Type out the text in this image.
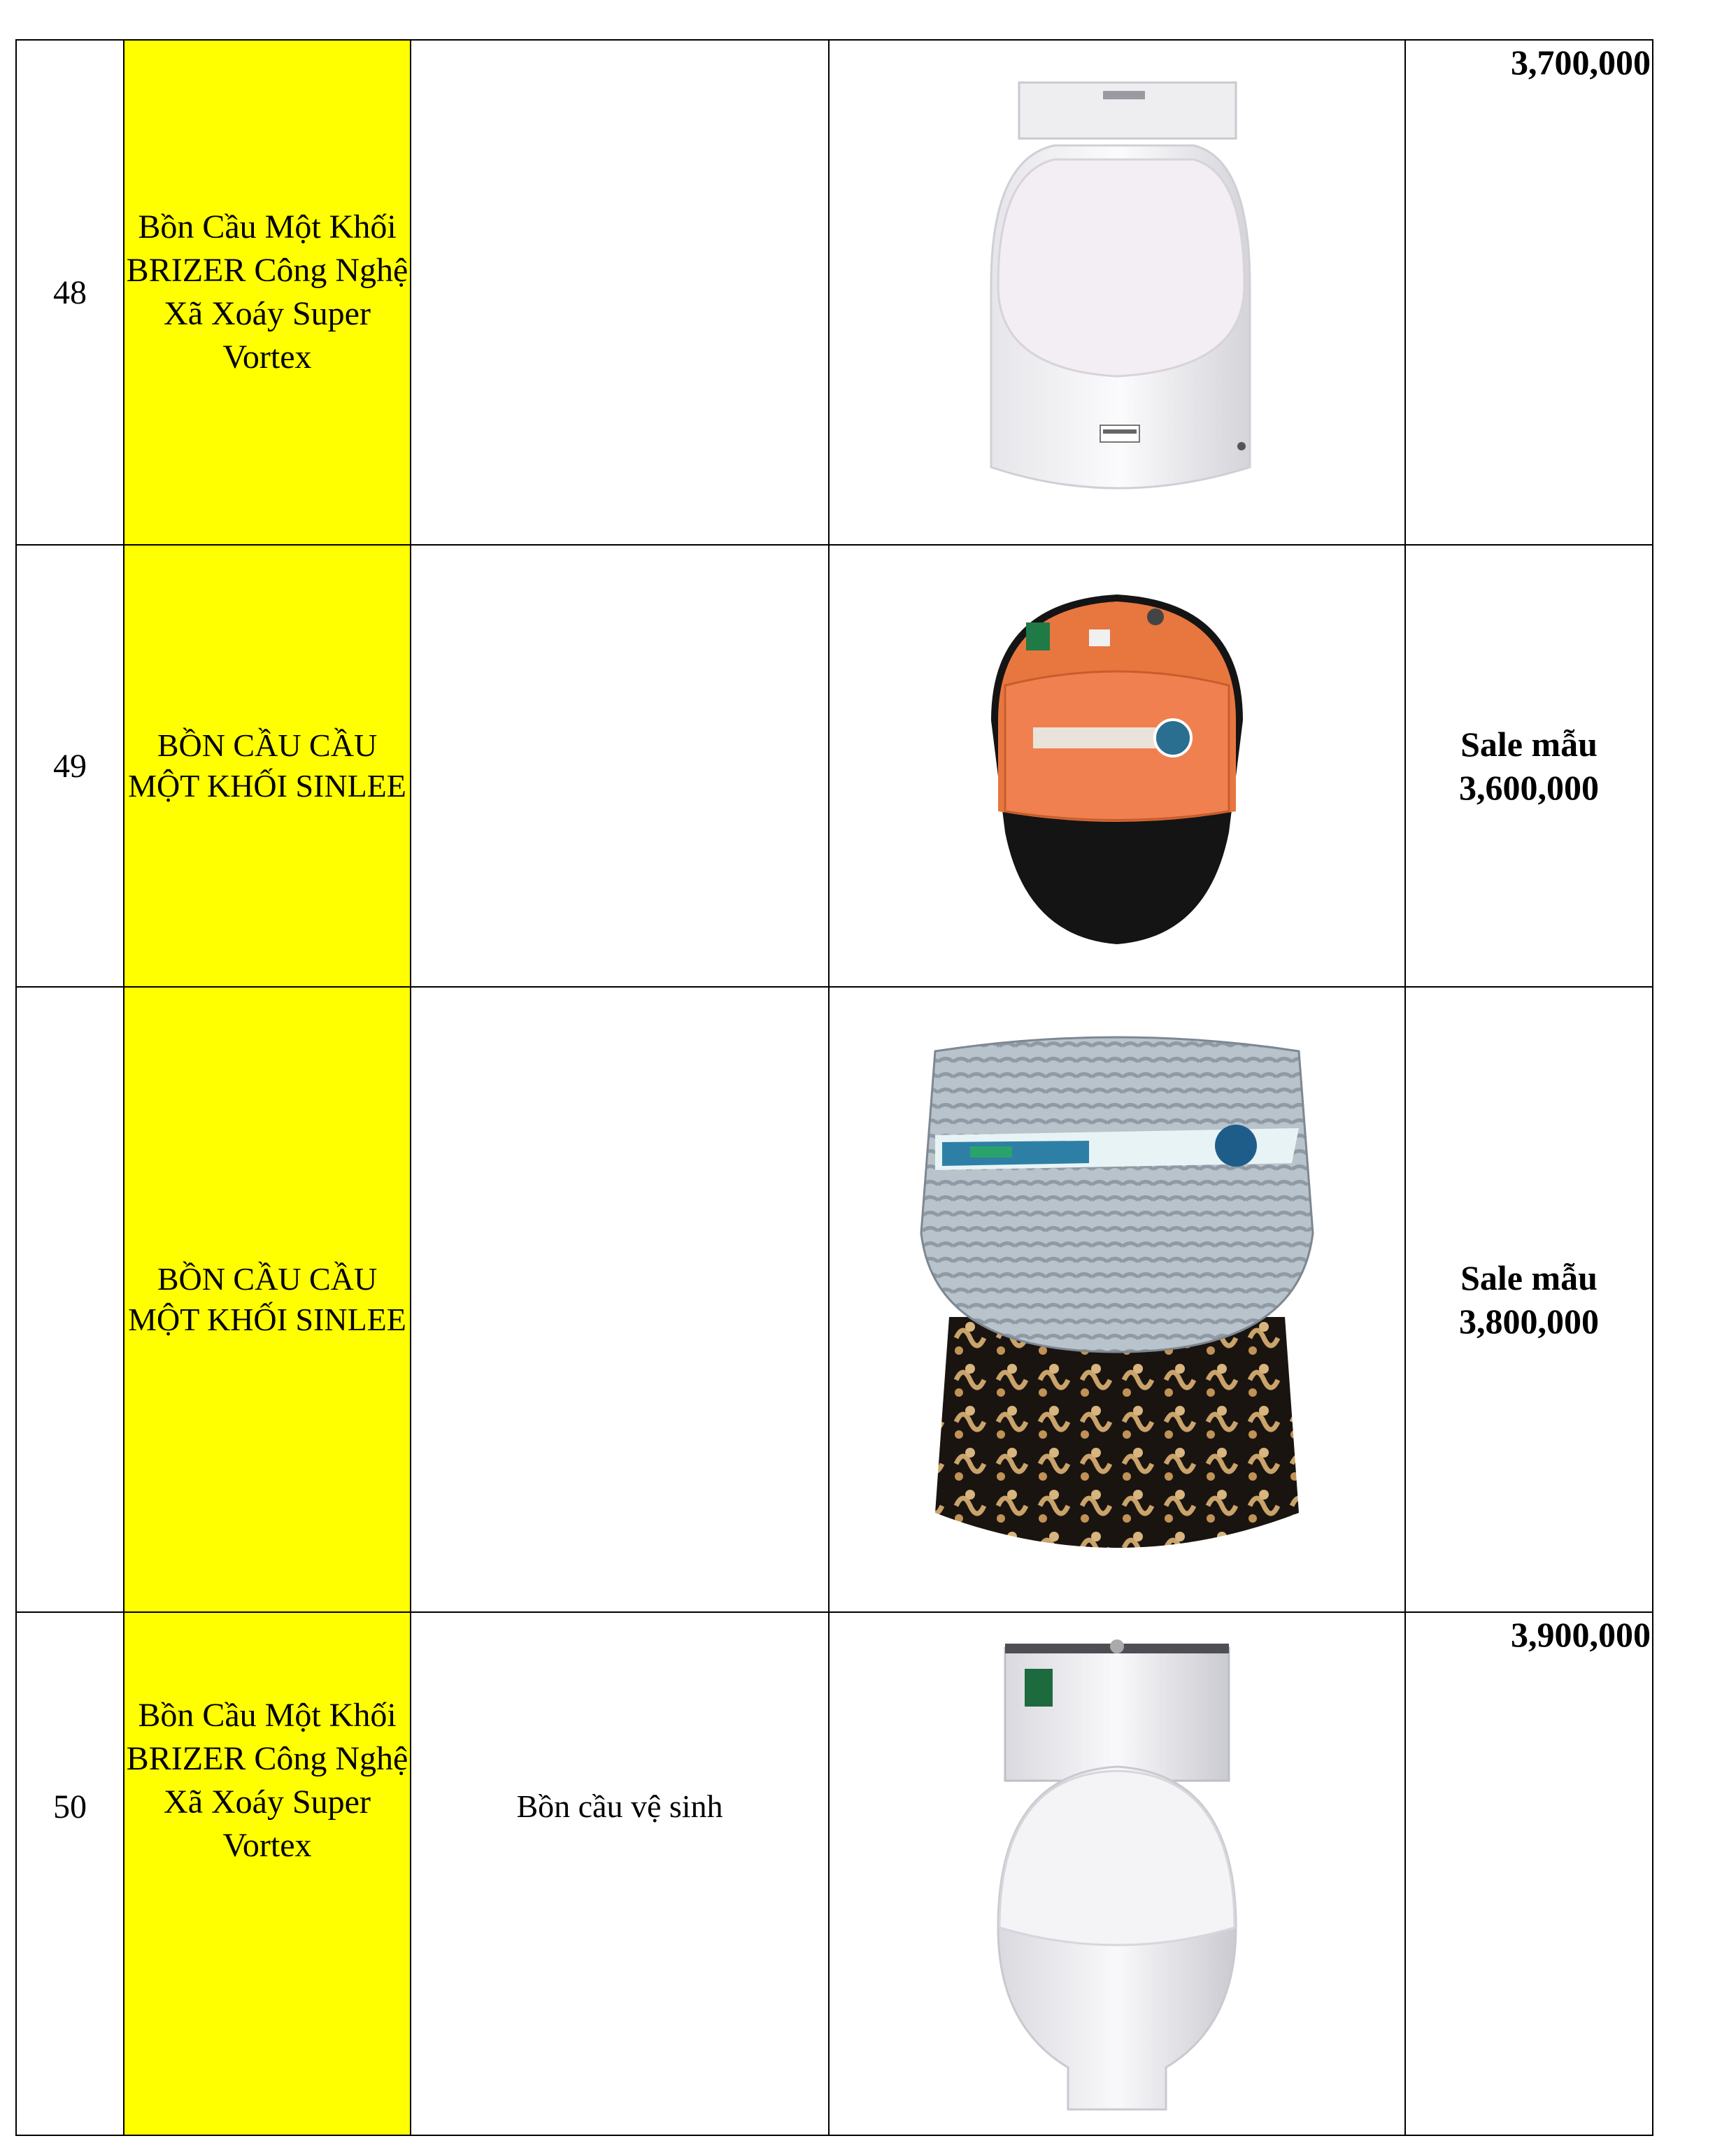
48	Bồn Cầu Một Khối BRIZER Công Nghệ Xã Xoáy Super Vortex			3,700,000

49	BỒN CẦU CẦU MỘT KHỐI SINLEE			Sale mẫu
3,600,000

	BỒN CẦU CẦU MỘT KHỐI SINLEE			Sale mẫu
3,800,000

50	Bồn Cầu Một Khối BRIZER Công Nghệ Xã Xoáy Super Vortex	Bồn cầu vệ sinh		3,900,000
